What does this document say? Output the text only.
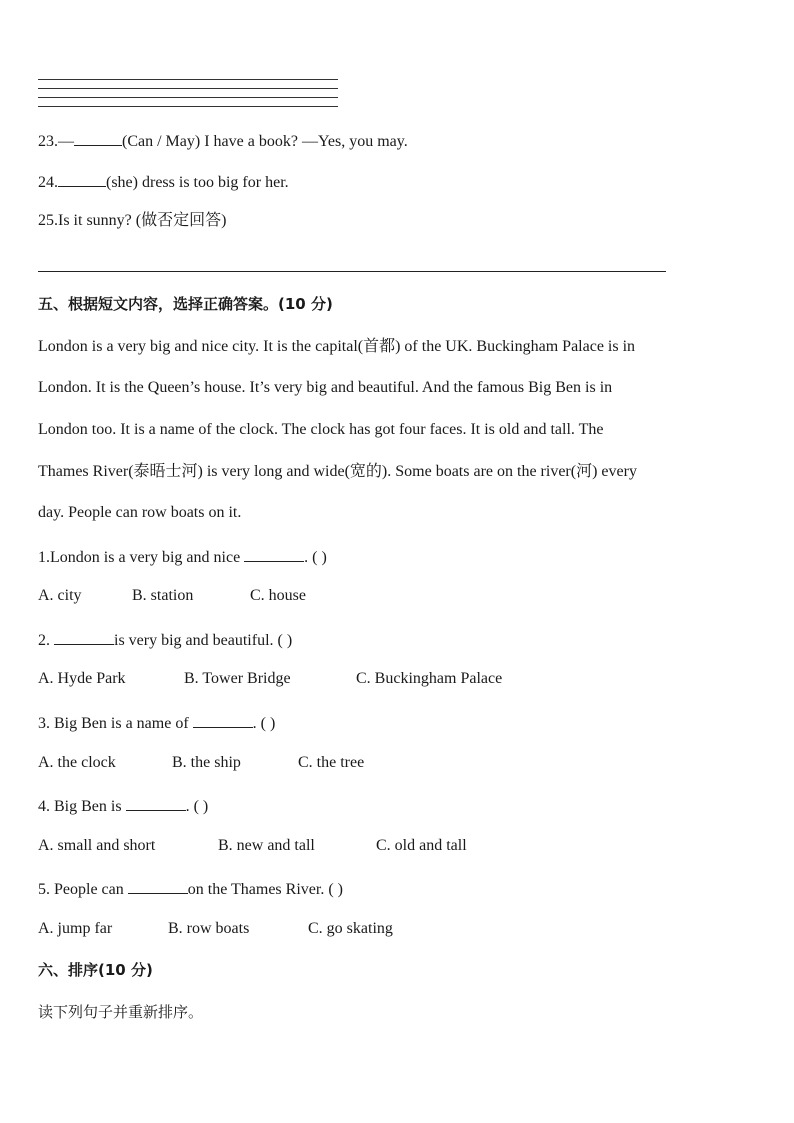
23.—	(Can / May) I have a book? —Yes, you may.
24.	(she) dress is too big for her.
25.Is it sunny? (做否定回答)
五、根据短文内容，选择正确答案。(10 分)
London is a very big and nice city. It is the capital(首都) of the UK. Buckingham Palace is in
London. It is the Queen’s house. It’s very big and beautiful. And the famous Big Ben is in
London too. It is a name of the clock. The clock has got four faces. It is old and tall. The
Thames River(泰晤士河) is very long and wide(宽的). Some boats are on the river(河) every
day. People can row boats on it.
1.London is a very big and nice	. ( )
A. city	B. station	C. house
2.	is very big and beautiful. ( )
A. Hyde Park	B. Tower Bridge	C. Buckingham Palace
3. Big Ben is a name of	. ( )
A. the clock	B. the ship	C. the tree
4. Big Ben is	. ( )
A. small and short	B. new and tall	C. old and tall
5. People can	on the Thames River. ( )
A. jump far	B. row boats	C. go skating
六、排序(10 分)
读下列句子并重新排序。
